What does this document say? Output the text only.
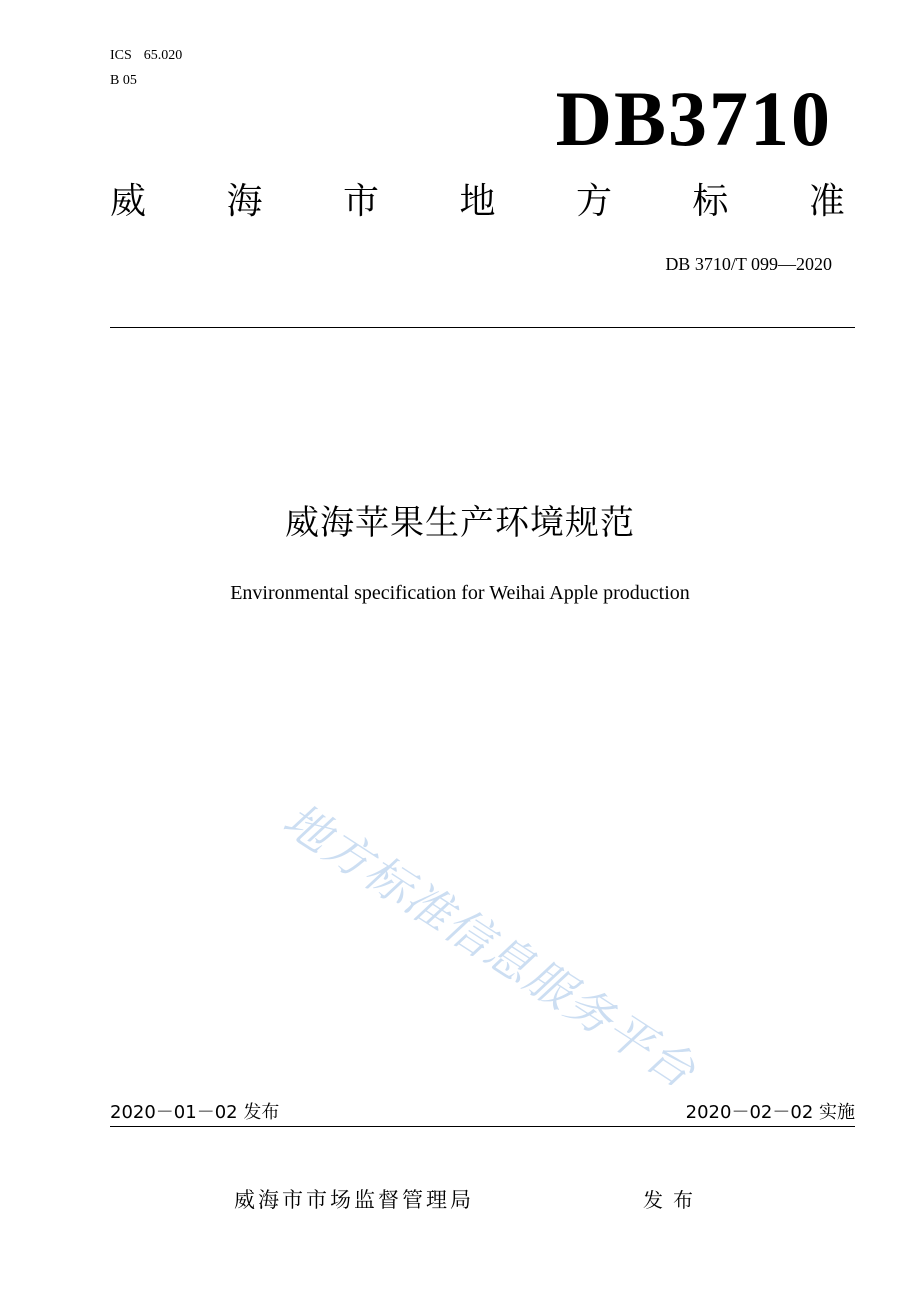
ICS 65.020
B 05	DB3710
威 海 市 地 方 标 准
DB 3710/T 099—2020
威海苹果生产环境规范
Environmental specification for Weihai Apple production
地方标准信息服务平台
2020－01－02 发布	2020－02－02 实施
威海市市场监督管理局	发布
